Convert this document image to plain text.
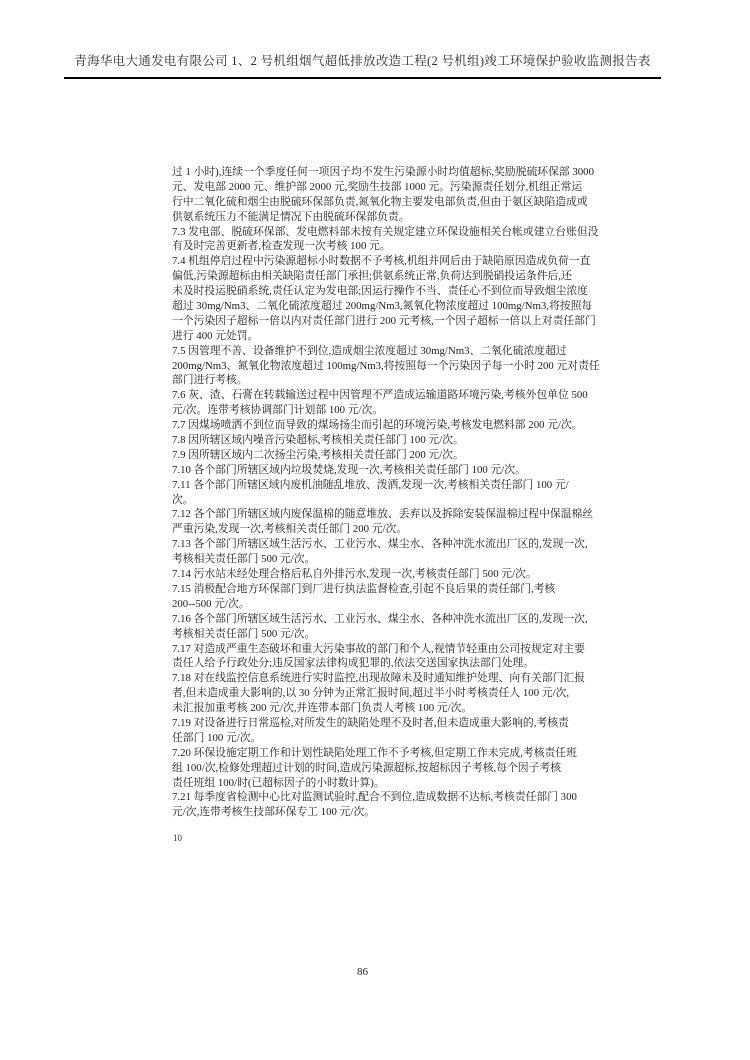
青海华电大通发电有限公司 1、2 号机组烟气超低排放改造工程(2 号机组)竣工环境保护验收监测报告表
过 1 小时),连续一个季度任何一项因子均不发生污染源小时均值超标,奖励脱硫环保部 3000
元、发电部 2000 元、维护部 2000 元,奖励生技部 1000 元。污染源责任划分,机组正常运
行中二氧化硫和烟尘由脱硫环保部负责,氮氧化物主要发电部负责,但由于氨区缺陷造成或
供氨系统压力不能满足情况下由脱硫环保部负责。
7.3 发电部、脱硫环保部、发电燃料部未按有关规定建立环保设施相关台帐或建立台账但没
有及时完善更新者,检查发现一次考核 100 元。
7.4 机组停启过程中污染源超标小时数据不予考核,机组并网后由于缺陷原因造成负荷一直
偏低,污染源超标由相关缺陷责任部门承担;供氨系统正常,负荷达到脱硝投运条件后,还
未及时投运脱硝系统,责任认定为发电部;因运行操作不当、责任心不到位而导致烟尘浓度
超过 30mg/Nm3、二氧化硫浓度超过 200mg/Nm3,氮氧化物浓度超过 100mg/Nm3,将按照每
一个污染因子超标一倍以内对责任部门进行 200 元考核,一个因子超标一倍以上对责任部门
进行 400 元处罚。
7.5 因管理不善、设备维护不到位,造成烟尘浓度超过 30mg/Nm3、二氧化硫浓度超过
200mg/Nm3、氮氧化物浓度超过 100mg/Nm3,将按照每一个污染因子每一小时 200 元对责任
部门进行考核。
7.6 灰、渣、石膏在转载输送过程中因管理不严造成运输道路环境污染,考核外包单位 500
元/次。连带考核协调部门计划部 100 元/次。
7.7 因煤场喷洒不到位而导致的煤场扬尘而引起的环境污染,考核发电燃料部 200 元/次。
7.8 因所辖区域内噪音污染超标,考核相关责任部门 100 元/次。
7.9 因所辖区域内二次扬尘污染,考核相关责任部门 200 元/次。
7.10 各个部门所辖区域内垃圾焚烧,发现一次,考核相关责任部门 100 元/次。
7.11 各个部门所辖区域内废机油随乱堆放、泼洒,发现一次,考核相关责任部门 100 元/
次。
7.12 各个部门所辖区域内废保温棉的随意堆放、丢弃以及拆除安装保温棉过程中保温棉丝
严重污染,发现一次,考核相关责任部门 200 元/次。
7.13 各个部门所辖区域生活污水、工业污水、煤尘水、各种冲洗水流出厂区的,发现一次,
考核相关责任部门 500 元/次。
7.14 污水站未经处理合格后私自外排污水,发现一次,考核责任部门 500 元/次。
7.15 消极配合地方环保部门到厂进行执法监督检查,引起不良后果的责任部门,考核
200--500 元/次。
7.16 各个部门所辖区域生活污水、工业污水、煤尘水、各种冲洗水流出厂区的,发现一次,
考核相关责任部门 500 元/次。
7.17 对造成严重生态破坏和重大污染事故的部门和个人,视情节轻重由公司按规定对主要
责任人给予行政处分;违反国家法律构成犯罪的,依法交送国家执法部门处理。
7.18 对在线监控信息系统进行实时监控,出现故障未及时通知维护处理、向有关部门汇报
者,但未造成重大影响的,以 30 分钟为正常汇报时间,超过半小时考核责任人 100 元/次,
未汇报加重考核 200 元/次,并连带本部门负责人考核 100 元/次。
7.19 对设备进行日常巡检,对所发生的缺陷处理不及时者,但未造成重大影响的,考核责
任部门 100 元/次。
7.20 环保设施定期工作和计划性缺陷处理工作不予考核,但定期工作未完成,考核责任班
组 100/次,检修处理超过计划的时间,造成污染源超标,按超标因子考核,每个因子考核
责任班组 100/时(已超标因子的小时数计算)。
7.21 每季度省检测中心比对监测试验时,配合不到位,造成数据不达标,考核责任部门 300
元/次,连带考核生技部环保专工 100 元/次。
10
86
